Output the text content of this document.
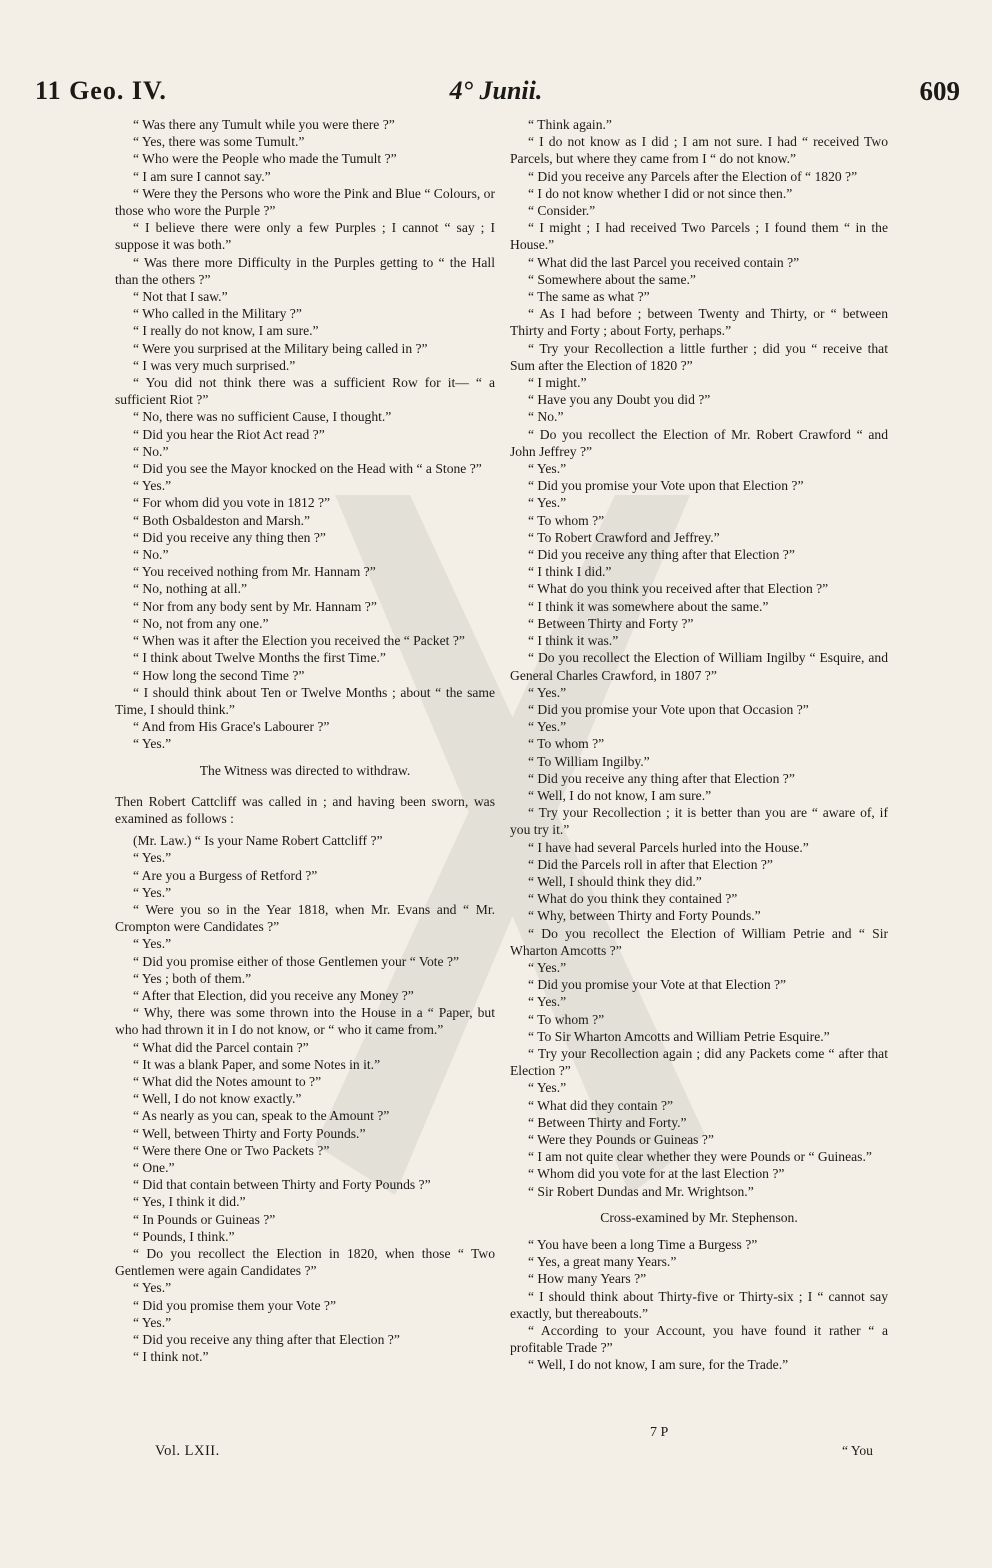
11 Geo. IV.	4° Junii.	609

“ Was there any Tumult while you were there ?”

“ Yes, there was some Tumult.”

“ Who were the People who made the Tumult ?”

“ I am sure I cannot say.”

“ Were they the Persons who wore the Pink and Blue “ Colours, or those who wore the Purple ?”

“ I believe there were only a few Purples ; I cannot “ say ; I suppose it was both.”

“ Was there more Difficulty in the Purples getting to “ the Hall than the others ?”

“ Not that I saw.”

“ Who called in the Military ?”

“ I really do not know, I am sure.”

“ Were you surprised at the Military being called in ?”

“ I was very much surprised.”

“ You did not think there was a sufficient Row for it— “ a sufficient Riot ?”

“ No, there was no sufficient Cause, I thought.”

“ Did you hear the Riot Act read ?”

“ No.”

“ Did you see the Mayor knocked on the Head with “ a Stone ?”

“ Yes.”

“ For whom did you vote in 1812 ?”

“ Both Osbaldeston and Marsh.”

“ Did you receive any thing then ?”

“ No.”

“ You received nothing from Mr. Hannam ?”

“ No, nothing at all.”

“ Nor from any body sent by Mr. Hannam ?”

“ No, not from any one.”

“ When was it after the Election you received the “ Packet ?”

“ I think about Twelve Months the first Time.”

“ How long the second Time ?”

“ I should think about Ten or Twelve Months ; about “ the same Time, I should think.”

“ And from His Grace's Labourer ?”

“ Yes.”

The Witness was directed to withdraw.

Then Robert Cattcliff was called in ; and having been sworn, was examined as follows :

(Mr. Law.) “ Is your Name Robert Cattcliff ?”

“ Yes.”

“ Are you a Burgess of Retford ?”

“ Yes.”

“ Were you so in the Year 1818, when Mr. Evans and “ Mr. Crompton were Candidates ?”

“ Yes.”

“ Did you promise either of those Gentlemen your “ Vote ?”

“ Yes ; both of them.”

“ After that Election, did you receive any Money ?”

“ Why, there was some thrown into the House in a “ Paper, but who had thrown it in I do not know, or “ who it came from.”

“ What did the Parcel contain ?”

“ It was a blank Paper, and some Notes in it.”

“ What did the Notes amount to ?”

“ Well, I do not know exactly.”

“ As nearly as you can, speak to the Amount ?”

“ Well, between Thirty and Forty Pounds.”

“ Were there One or Two Packets ?”

“ One.”

“ Did that contain between Thirty and Forty Pounds ?”

“ Yes, I think it did.”

“ In Pounds or Guineas ?”

“ Pounds, I think.”

“ Do you recollect the Election in 1820, when those “ Two Gentlemen were again Candidates ?”

“ Yes.”

“ Did you promise them your Vote ?”

“ Yes.”

“ Did you receive any thing after that Election ?”

“ I think not.”

“ Think again.”

“ I do not know as I did ; I am not sure. I had “ received Two Parcels, but where they came from I “ do not know.”

“ Did you receive any Parcels after the Election of “ 1820 ?”

“ I do not know whether I did or not since then.”

“ Consider.”

“ I might ; I had received Two Parcels ; I found them “ in the House.”

“ What did the last Parcel you received contain ?”

“ Somewhere about the same.”

“ The same as what ?”

“ As I had before ; between Twenty and Thirty, or “ between Thirty and Forty ; about Forty, perhaps.”

“ Try your Recollection a little further ; did you “ receive that Sum after the Election of 1820 ?”

“ I might.”

“ Have you any Doubt you did ?”

“ No.”

“ Do you recollect the Election of Mr. Robert Crawford “ and John Jeffrey ?”

“ Yes.”

“ Did you promise your Vote upon that Election ?”

“ Yes.”

“ To whom ?”

“ To Robert Crawford and Jeffrey.”

“ Did you receive any thing after that Election ?”

“ I think I did.”

“ What do you think you received after that Election ?”

“ I think it was somewhere about the same.”

“ Between Thirty and Forty ?”

“ I think it was.”

“ Do you recollect the Election of William Ingilby “ Esquire, and General Charles Crawford, in 1807 ?”

“ Yes.”

“ Did you promise your Vote upon that Occasion ?”

“ Yes.”

“ To whom ?”

“ To William Ingilby.”

“ Did you receive any thing after that Election ?”

“ Well, I do not know, I am sure.”

“ Try your Recollection ; it is better than you are “ aware of, if you try it.”

“ I have had several Parcels hurled into the House.”

“ Did the Parcels roll in after that Election ?”

“ Well, I should think they did.”

“ What do you think they contained ?”

“ Why, between Thirty and Forty Pounds.”

“ Do you recollect the Election of William Petrie and “ Sir Wharton Amcotts ?”

“ Yes.”

“ Did you promise your Vote at that Election ?”

“ Yes.”

“ To whom ?”

“ To Sir Wharton Amcotts and William Petrie Esquire.”

“ Try your Recollection again ; did any Packets come “ after that Election ?”

“ Yes.”

“ What did they contain ?”

“ Between Thirty and Forty.”

“ Were they Pounds or Guineas ?”

“ I am not quite clear whether they were Pounds or “ Guineas.”

“ Whom did you vote for at the last Election ?”

“ Sir Robert Dundas and Mr. Wrightson.”

Cross-examined by Mr. Stephenson.

“ You have been a long Time a Burgess ?”

“ Yes, a great many Years.”

“ How many Years ?”

“ I should think about Thirty-five or Thirty-six ; I “ cannot say exactly, but thereabouts.”

“ According to your Account, you have found it rather “ a profitable Trade ?”

“ Well, I do not know, I am sure, for the Trade.”

Vol. LXII.	“ You
7 P
